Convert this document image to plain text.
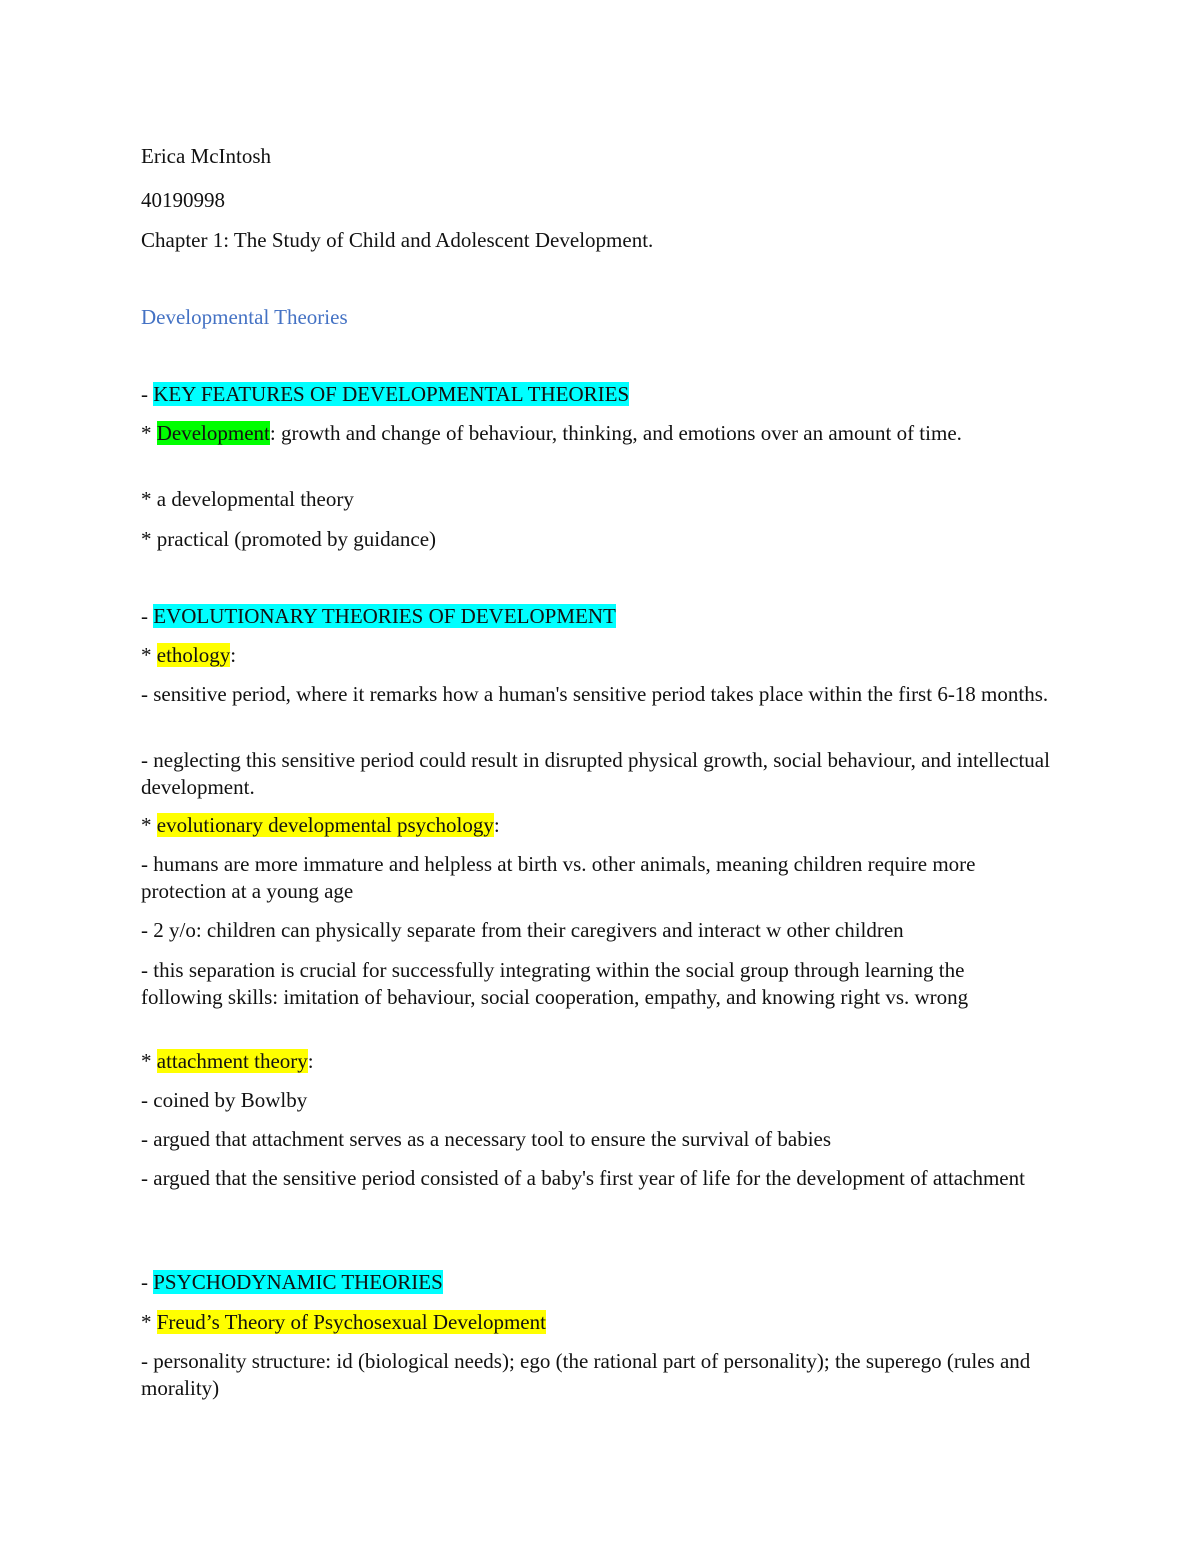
Erica McIntosh

40190998

Chapter 1: The Study of Child and Adolescent Development.

Developmental Theories

- KEY FEATURES OF DEVELOPMENTAL THEORIES

* Development: growth and change of behaviour, thinking, and emotions over an amount of time.

* a developmental theory

* practical (promoted by guidance)

- EVOLUTIONARY THEORIES OF DEVELOPMENT

* ethology:

- sensitive period, where it remarks how a human's sensitive period takes place within the first 6-18 months.

- neglecting this sensitive period could result in disrupted physical growth, social behaviour, and intellectual development.

* evolutionary developmental psychology:

- humans are more immature and helpless at birth vs. other animals, meaning children require more protection at a young age

- 2 y/o: children can physically separate from their caregivers and interact w other children

- this separation is crucial for successfully integrating within the social group through learning the following skills: imitation of behaviour, social cooperation, empathy, and knowing right vs. wrong

* attachment theory:

- coined by Bowlby

- argued that attachment serves as a necessary tool to ensure the survival of babies

- argued that the sensitive period consisted of a baby's first year of life for the development of attachment

- PSYCHODYNAMIC THEORIES

* Freud’s Theory of Psychosexual Development

- personality structure: id (biological needs); ego (the rational part of personality); the superego (rules and morality)
